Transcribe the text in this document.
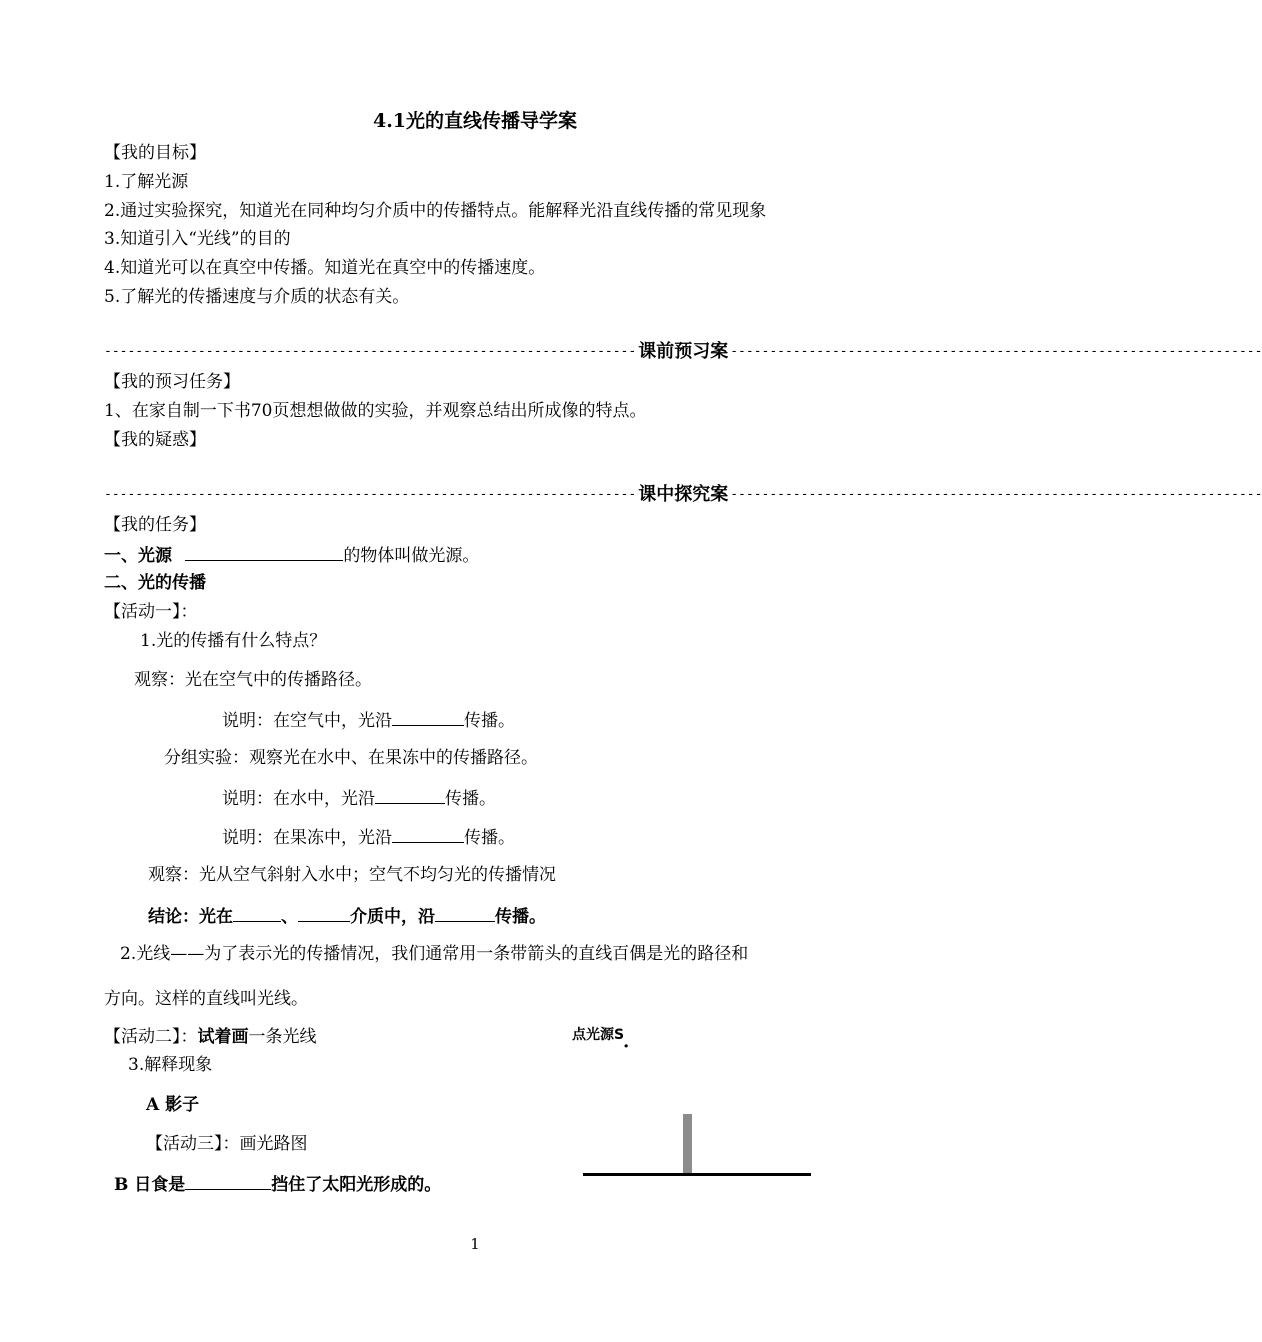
4.1光的直线传播导学案
【我的目标】
1.了解光源
2.通过实验探究，知道光在同种均匀介质中的传播特点。能解释光沿直线传播的常见现象
3.知道引入“光线”的目的
4.知道光可以在真空中传播。知道光在真空中的传播速度。
5.了解光的传播速度与介质的状态有关。
-------------------------------------------------------------------- 课前预习案 --------------------------------------------------------------------
【我的预习任务】
1、在家自制一下书70页想想做做的实验，并观察总结出所成像的特点。
【我的疑惑】
-------------------------------------------------------------------- 课中探究案 --------------------------------------------------------------------
【我的任务】
一、光源	的物体叫做光源。
二、光的传播
【活动一】：
1.光的传播有什么特点？
观察：光在空气中的传播路径。
说明：在空气中，光沿	传播。
分组实验：观察光在水中、在果冻中的传播路径。
说明：在水中，光沿	传播。
说明：在果冻中，光沿	传播。
观察：光从空气斜射入水中；空气不均匀光的传播情况
结论：光在	、	介质中，沿	传播。
2.光线——为了表示光的传播情况，我们通常用一条带箭头的直线百偶是光的路径和
方向。这样的直线叫光线。
【活动二】：试着画一条光线
3.解释现象
A 影子
【活动三】：画光路图
B 日食是	挡住了太阳光形成的。
点光源S
·
1
